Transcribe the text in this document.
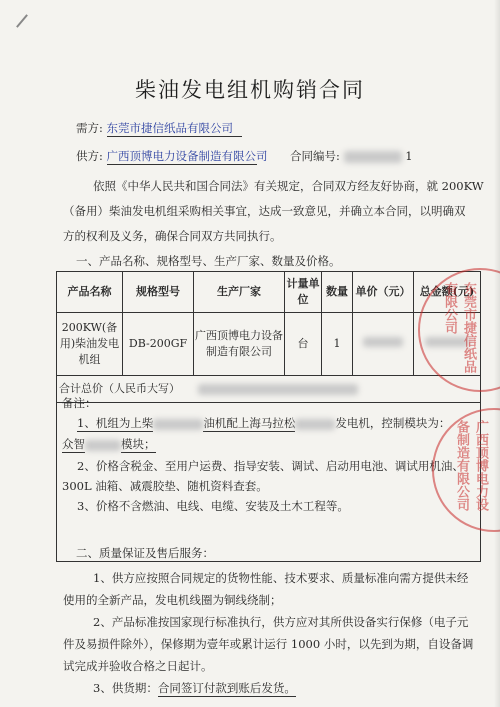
柴油发电组机购销合同
需方: 东莞市捷信纸品有限公司
供方: 广西顶博电力设备制造有限公司 合同编号:	1
依照《中华人民共和国合同法》有关规定，合同双方经友好协商，就 200KW
（备用）柴油发电机组采购相关事宜，达成一致意见，并确立本合同，以明确双
方的权利及义务，确保合同双方共同执行。
一、产品名称、规格型号、生产厂家、数量及价格。
产品名称	规格型号	生产厂家	计量单位	数量	单价（元）	总金额(元)
200KW(备用)柴油发电机组	DB-200GF	广西顶博电力设备制造有限公司	台	1		
合计总价（人民币大写）						

备注：
1、机组为上柴	油机配上海马拉松	发电机，控制模块为：
众智	模块；
2、价格含税金、至用户运费、指导安装、调试、启动用电池、调试用机油、
300L 油箱、减震胶垫、随机资料查套。
3、价格不含燃油、电线、电缆、安装及土木工程等。
二、质量保证及售后服务：
1、供方应按照合同规定的货物性能、技术要求、质量标准向需方提供未经
使用的全新产品，发电机线圈为铜线绕制；
2、产品标准按国家现行标准执行，供方应对其所供设备实行保修（电子元
件及易损件除外），保修期为壹年或累计运行 1000 小时，以先到为期，自设备调
试完成并验收合格之日起计。
3、供货期：合同签订付款到账后发货。
东莞市捷信纸品有限公司
广西顶博电力设备制造有限公司
